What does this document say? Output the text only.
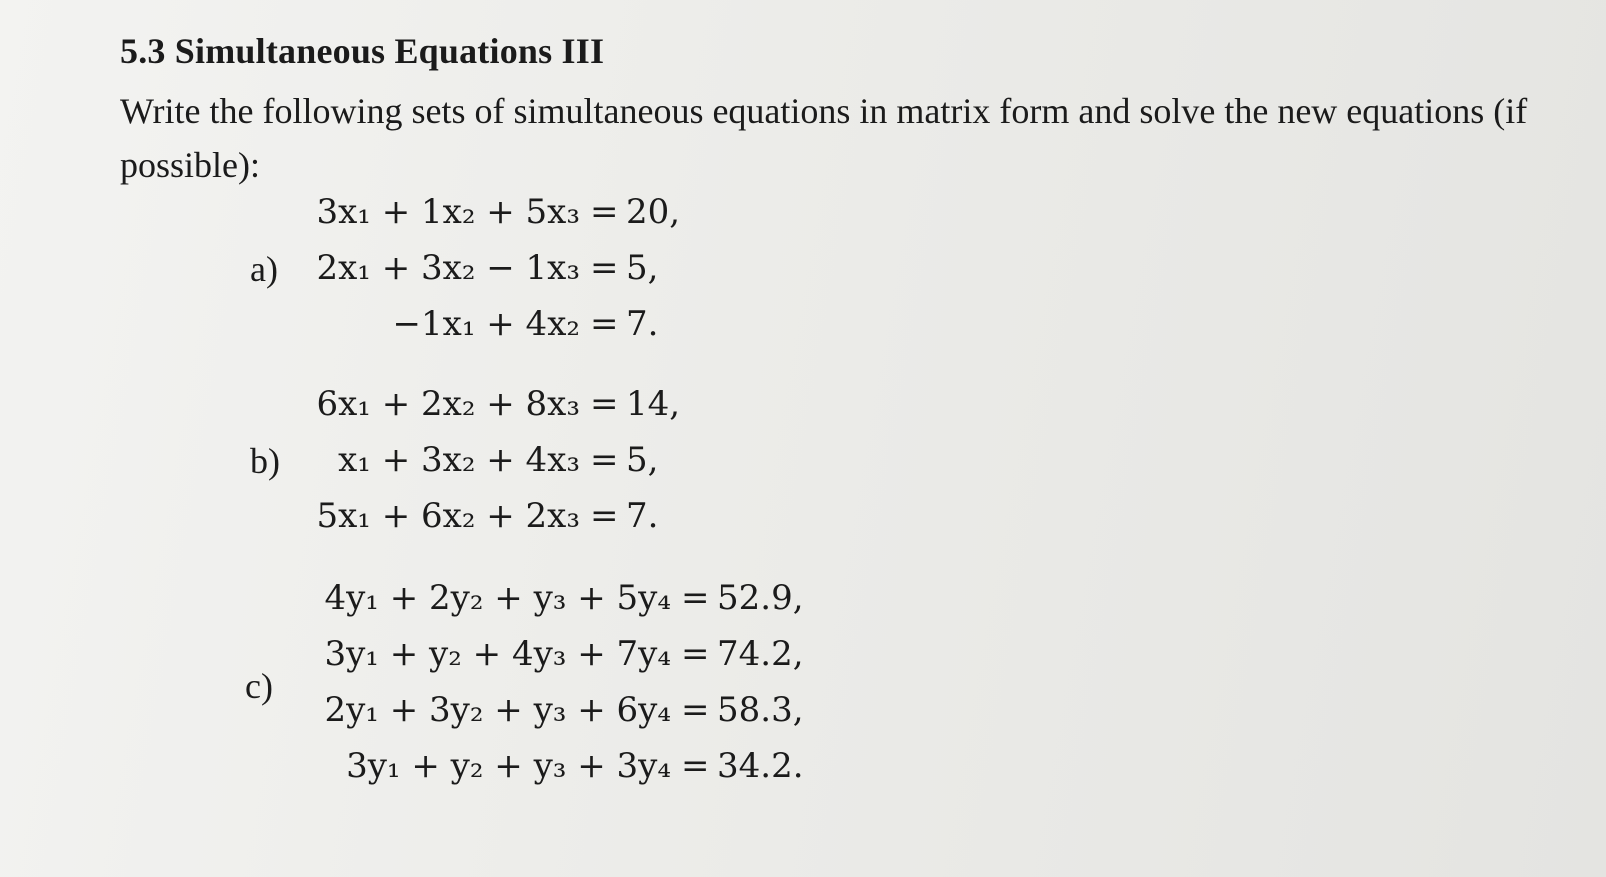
5.3 Simultaneous Equations III
Write the following sets of simultaneous equations in matrix form and solve the new equations (if possible):
a)
3x₁ + 1x₂ + 5x₃ = 20,
2x₁ + 3x₂ − 1x₃ = 5,
−1x₁ + 4x₂ = 7.
b)
6x₁ + 2x₂ + 8x₃ = 14,
x₁ + 3x₂ + 4x₃ = 5,
5x₁ + 6x₂ + 2x₃ = 7.
c)
4y₁ + 2y₂ + y₃ + 5y₄ = 52.9,
3y₁ + y₂ + 4y₃ + 7y₄ = 74.2,
2y₁ + 3y₂ + y₃ + 6y₄ = 58.3,
3y₁ + y₂ + y₃ + 3y₄ = 34.2.
